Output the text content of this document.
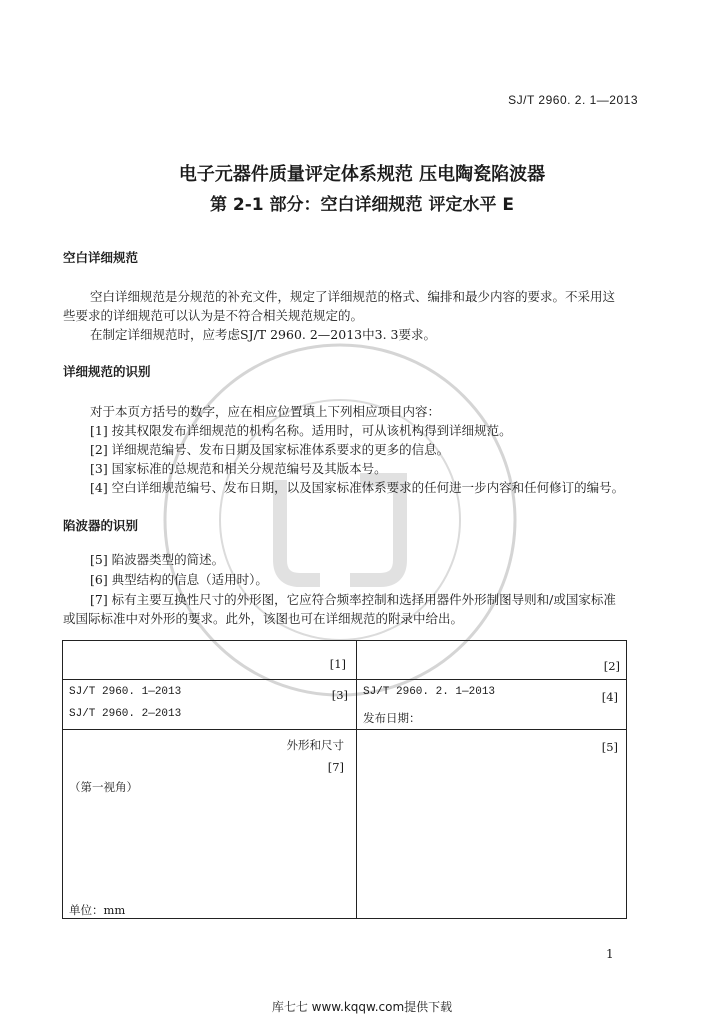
SJ/T 2960. 2. 1—2013
电子元器件质量评定体系规范 压电陶瓷陷波器
第 2-1 部分：空白详细规范 评定水平 E
空白详细规范
空白详细规范是分规范的补充文件，规定了详细规范的格式、编排和最少内容的要求。不采用这
些要求的详细规范可以认为是不符合相关规范规定的。
在制定详细规范时，应考虑SJ/T 2960. 2—2013中3. 3要求。
详细规范的识别
对于本页方括号的数字，应在相应位置填上下列相应项目内容：
[1] 按其权限发布详细规范的机构名称。适用时，可从该机构得到详细规范。
[2] 详细规范编号、发布日期及国家标准体系要求的更多的信息。
[3] 国家标准的总规范和相关分规范编号及其版本号。
[4] 空白详细规范编号、发布日期，以及国家标准体系要求的任何进一步内容和任何修订的编号。
陷波器的识别
[5] 陷波器类型的简述。
[6] 典型结构的信息（适用时）。
[7] 标有主要互换性尺寸的外形图，它应符合频率控制和选择用器件外形制图导则和/或国家标准
或国际标准中对外形的要求。此外，该图也可在详细规范的附录中给出。
[1]	[2]
SJ/T 2960. 1—2013
SJ/T 2960. 2—2013
[3] SJ/T 2960. 2. 1—2013	[4]
发布日期：
外形和尺寸
[7]
（第一视角）
单位：mm
[5]
1
库七七 www.kqqw.com提供下载
